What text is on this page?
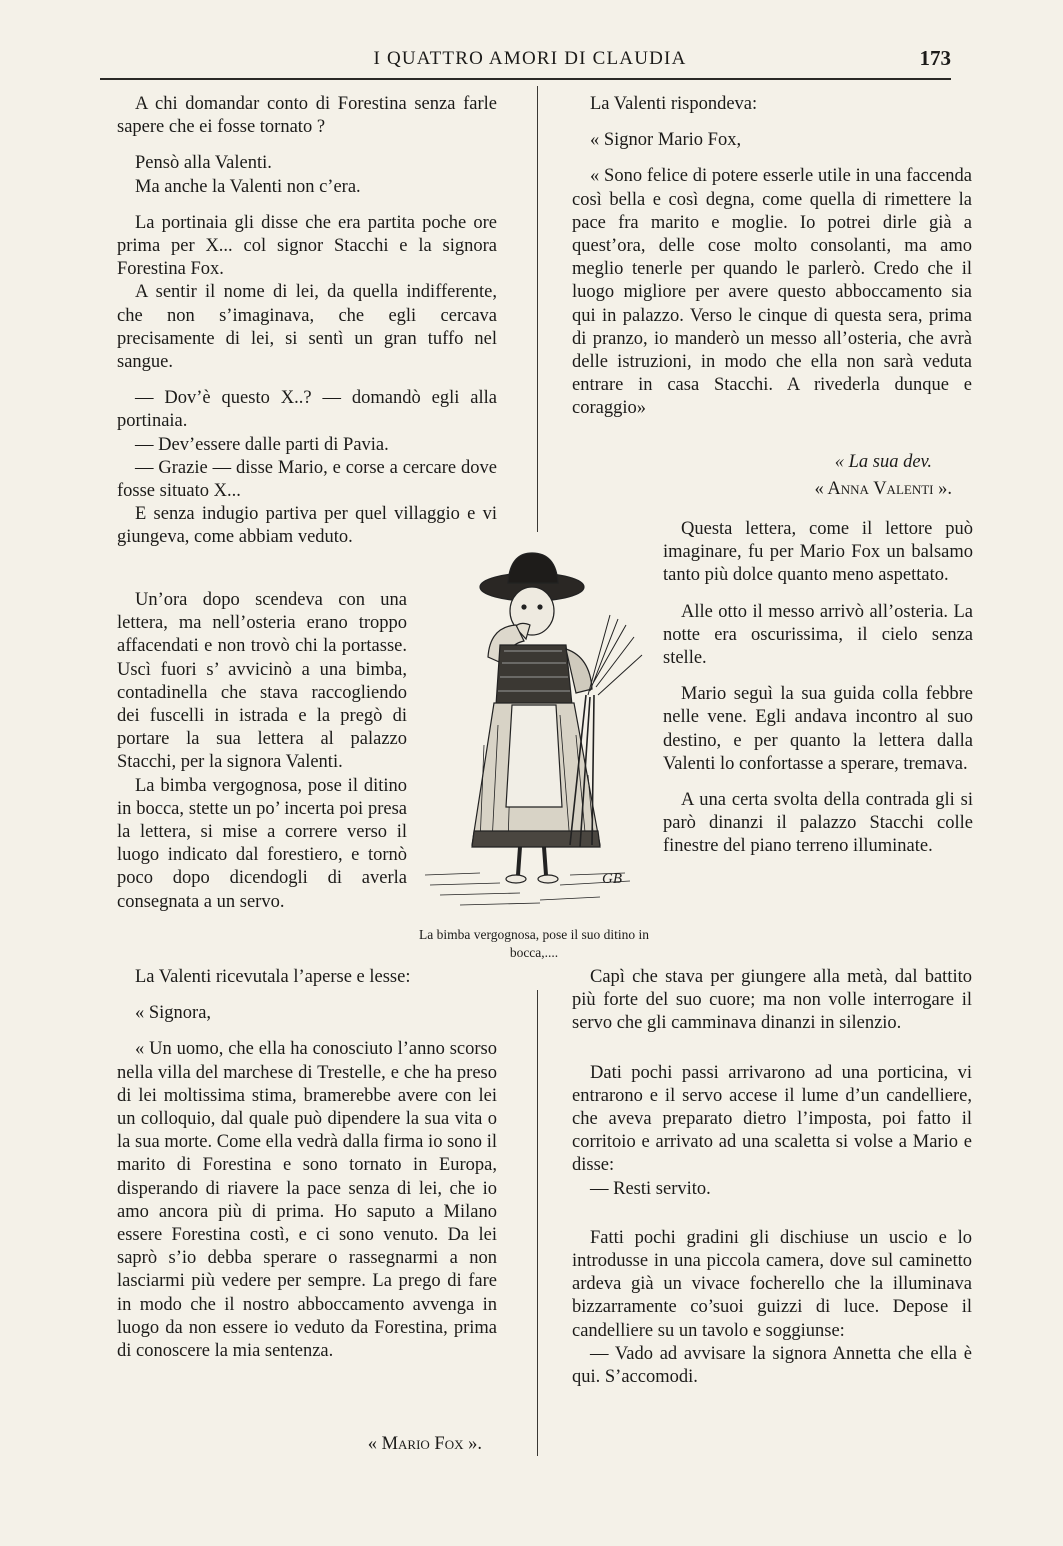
I QUATTRO AMORI DI CLAUDIA	173

A chi domandar conto di Forestina senza farle sapere che ei fosse tornato ?

Pensò alla Valenti.

Ma anche la Valenti non c’era.

La portinaia gli disse che era partita poche ore prima per X... col signor Stacchi e la signora Forestina Fox.

A sentir il nome di lei, da quella indifferente, che non s’imaginava, che egli cercava precisamente di lei, si sentì un gran tuffo nel sangue.

— Dov’è questo X..? — domandò egli alla portinaia.

— Dev’essere dalle parti di Pavia.

— Grazie — disse Mario, e corse a cercare dove fosse situato X...

E senza indugio partiva per quel villaggio e vi giungeva, come abbiam veduto.

Un’ora dopo scendeva con una lettera, ma nell’osteria erano troppo affacendati e non trovò chi la portasse. Uscì fuori s’ avvicinò a una bimba, contadinella che stava raccogliendo dei fuscelli in istrada e la pregò di portare la sua lettera al palazzo Stacchi, per la signora Valenti.

La bimba vergognosa, pose il ditino in bocca, stette un po’ incerta poi presa la lettera, si mise a correre verso il luogo indicato dal forestiero, e tornò poco dopo dicendogli di averla consegnata a un servo.

La Valenti ricevutala l’aperse e lesse:

« Signora,

« Un uomo, che ella ha conosciuto l’anno scorso nella villa del marchese di Trestelle, e che ha preso di lei moltissima stima, bramerebbe avere con lei un colloquio, dal quale può dipendere la sua vita o la sua morte. Come ella vedrà dalla firma io sono il marito di Forestina e sono tornato in Europa, disperando di riavere la pace senza di lei, che io amo ancora più di prima. Ho saputo a Milano essere Forestina costì, e ci sono venuto. Da lei saprò s’io debba sperare o rassegnarmi a non lasciarmi più vedere per sempre. La prego di fare in modo che il nostro abboccamento avvenga in luogo da non essere io veduto da Forestina, prima di conoscere la mia sentenza.

« Mario Fox ».

La Valenti rispondeva:

« Signor Mario Fox,

« Sono felice di potere esserle utile in una faccenda così bella e così degna, come quella di rimettere la pace fra marito e moglie. Io potrei dirle già a quest’ora, delle cose molto consolanti, ma amo meglio tenerle per quando le parlerò. Credo che il luogo migliore per avere questo abboccamento sia qui in palazzo. Verso le cinque di questa sera, prima di pranzo, io manderò un messo all’osteria, che avrà delle istruzioni, in modo che ella non sarà veduta entrare in casa Stacchi. A rivederla dunque e coraggio»

« La sua dev.
« Anna Valenti ».

Questa lettera, come il lettore può imaginare, fu per Mario Fox un balsamo tanto più dolce quanto meno aspettato.

Alle otto il messo arrivò all’osteria. La notte era oscurissima, il cielo senza stelle.

Mario seguì la sua guida colla febbre nelle vene. Egli andava incontro al suo destino, e per quanto la lettera dalla Valenti lo confortasse a sperare, tremava.

A una certa svolta della contrada gli si parò dinanzi il palazzo Stacchi colle finestre del piano terreno illuminate.

Capì che stava per giungere alla metà, dal battito più forte del suo cuore; ma non volle interrogare il servo che gli camminava dinanzi in silenzio.

Dati pochi passi arrivarono ad una porticina, vi entrarono e il servo accese il lume d’un candelliere, che aveva preparato dietro l’imposta, poi fatto il corritoio e arrivato ad una scaletta si volse a Mario e disse:

— Resti servito.

Fatti pochi gradini gli dischiuse un uscio e lo introdusse in una piccola camera, dove sul caminetto ardeva già un vivace focherello che la illuminava bizzarramente co’suoi guizzi di luce. Depose il candelliere su un tavolo e soggiunse:

— Vado ad avvisare la signora Annetta che ella è qui. S’accomodi.

GB
La bimba vergognosa, pose il suo ditino in bocca,....
